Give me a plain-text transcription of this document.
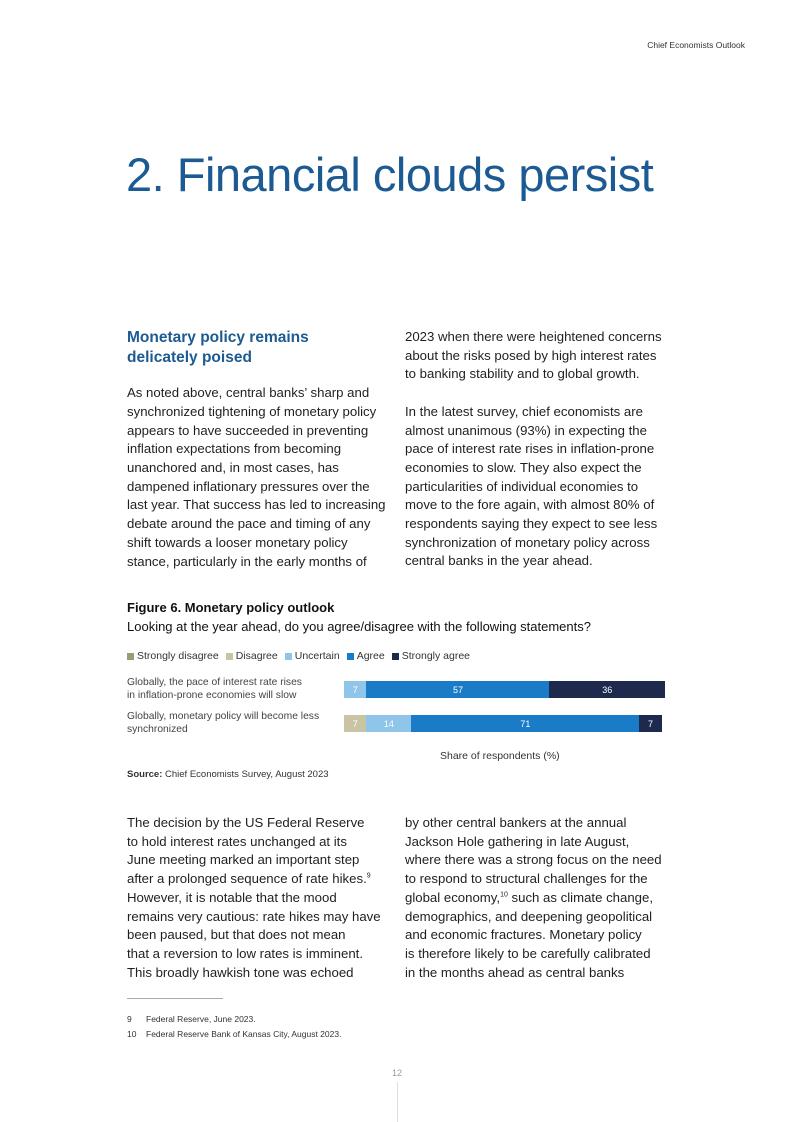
Chief Economists Outlook
2. Financial clouds persist
Monetary policy remains
delicately poised

As noted above, central banks’ sharp and
synchronized tightening of monetary policy
appears to have succeeded in preventing
inflation expectations from becoming
unanchored and, in most cases, has
dampened inflationary pressures over the
last year. That success has led to increasing
debate around the pace and timing of any
shift towards a looser monetary policy
stance, particularly in the early months of

2023 when there were heightened concerns
about the risks posed by high interest rates
to banking stability and to global growth.

In the latest survey, chief economists are
almost unanimous (93%) in expecting the
pace of interest rate rises in inflation-prone
economies to slow. They also expect the
particularities of individual economies to
move to the fore again, with almost 80% of
respondents saying they expect to see less
synchronization of monetary policy across
central banks in the year ahead.

Figure 6. Monetary policy outlook
Looking at the year ahead, do you agree/disagree with the following statements?
Strongly disagree Disagree Uncertain Agree Strongly agree
Globally, the pace of interest rate rises
in inflation-prone economies will slow
Globally, monetary policy will become less
synchronized
7	57	36
7	14	71	7
Share of respondents (%)
Source: Chief Economists Survey, August 2023

The decision by the US Federal Reserve
to hold interest rates unchanged at its
June meeting marked an important step
after a prolonged sequence of rate hikes.$^9$
However, it is notable that the mood
remains very cautious: rate hikes may have
been paused, but that does not mean
that a reversion to low rates is imminent.
This broadly hawkish tone was echoed

by other central bankers at the annual
Jackson Hole gathering in late August,
where there was a strong focus on the need
to respond to structural challenges for the
global economy,$^{10}$ such as climate change,
demographics, and deepening geopolitical
and economic fractures. Monetary policy
is therefore likely to be carefully calibrated
in the months ahead as central banks

9	Federal Reserve, June 2023.
10	Federal Reserve Bank of Kansas City, August 2023.
12
